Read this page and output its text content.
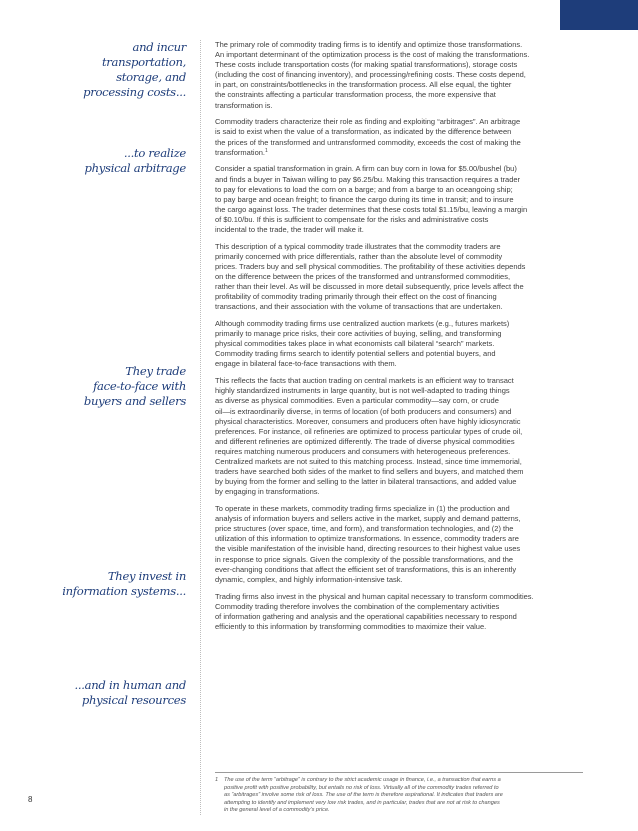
and incur
transportation,
storage, and
processing costs...
...to realize
physical arbitrage
They trade
face-to-face with
buyers and sellers
They invest in
information systems...
...and in human and
physical resources

The primary role of commodity trading firms is to identify and optimize those transformations.
An important determinant of the optimization process is the cost of making the transformations.
These costs include transportation costs (for making spatial transformations), storage costs
(including the cost of financing inventory), and processing/refining costs. These costs depend,
in part, on constraints/bottlenecks in the transformation process. All else equal, the tighter
the constraints affecting a particular transformation process, the more expensive that
transformation is.

Commodity traders characterize their role as finding and exploiting “arbitrages”. An arbitrage
is said to exist when the value of a transformation, as indicated by the difference between
the prices of the transformed and untransformed commodity, exceeds the cost of making the
transformation.$^1$

Consider a spatial transformation in grain. A firm can buy corn in Iowa for $5.00/bushel (bu)
and finds a buyer in Taiwan willing to pay $6.25/bu. Making this transaction requires a trader
to pay for elevations to load the corn on a barge; and from a barge to an oceangoing ship;
to pay barge and ocean freight; to finance the cargo during its time in transit; and to insure
the cargo against loss. The trader determines that these costs total $1.15/bu, leaving a margin
of $0.10/bu. If this is sufficient to compensate for the risks and administrative costs
incidental to the trade, the trader will make it.

This description of a typical commodity trade illustrates that the commodity traders are
primarily concerned with price differentials, rather than the absolute level of commodity
prices. Traders buy and sell physical commodities. The profitability of these activities depends
on the difference between the prices of the transformed and untransformed commodities,
rather than their level. As will be discussed in more detail subsequently, price levels affect the
profitability of commodity trading primarily through their effect on the cost of financing
transactions, and their association with the volume of transactions that are undertaken.

Although commodity trading firms use centralized auction markets (e.g., futures markets)
primarily to manage price risks, their core activities of buying, selling, and transforming
physical commodities takes place in what economists call bilateral “search” markets.
Commodity trading firms search to identify potential sellers and potential buyers, and
engage in bilateral face-to-face transactions with them.

This reflects the facts that auction trading on central markets is an efficient way to transact
highly standardized instruments in large quantity, but is not well-adapted to trading things
as diverse as physical commodities. Even a particular commodity—say corn, or crude
oil—is extraordinarily diverse, in terms of location (of both producers and consumers) and
physical characteristics. Moreover, consumers and producers often have highly idiosyncratic
preferences. For instance, oil refineries are optimized to process particular types of crude oil,
and different refineries are optimized differently. The trade of diverse physical commodities
requires matching numerous producers and consumers with heterogeneous preferences.
Centralized markets are not suited to this matching process. Instead, since time immemorial,
traders have searched both sides of the market to find sellers and buyers, and matched them
by buying from the former and selling to the latter in bilateral transactions, and added value
by engaging in transformations.

To operate in these markets, commodity trading firms specialize in (1) the production and
analysis of information buyers and sellers active in the market, supply and demand patterns,
price structures (over space, time, and form), and transformation technologies, and (2) the
utilization of this information to optimize transformations. In essence, commodity traders are
the visible manifestation of the invisible hand, directing resources to their highest value uses
in response to price signals. Given the complexity of the possible transformations, and the
ever-changing conditions that affect the efficient set of transformations, this is an inherently
dynamic, complex, and highly information-intensive task.

Trading firms also invest in the physical and human capital necessary to transform commodities.
Commodity trading therefore involves the combination of the complementary activities
of information gathering and analysis and the operational capabilities necessary to respond
efficiently to this information by transforming commodities to maximize their value.

1 The use of the term “arbitrage” is contrary to the strict academic usage in finance, i.e., a transaction that earns a
positive profit with positive probability, but entails no risk of loss. Virtually all of the commodity trades referred to
as “arbitrages” involve some risk of loss. The use of the term is therefore aspirational. It indicates that traders are
attempting to identify and implement very low risk trades, and in particular, trades that are not at risk to changes
in the general level of a commodity’s price.
8
